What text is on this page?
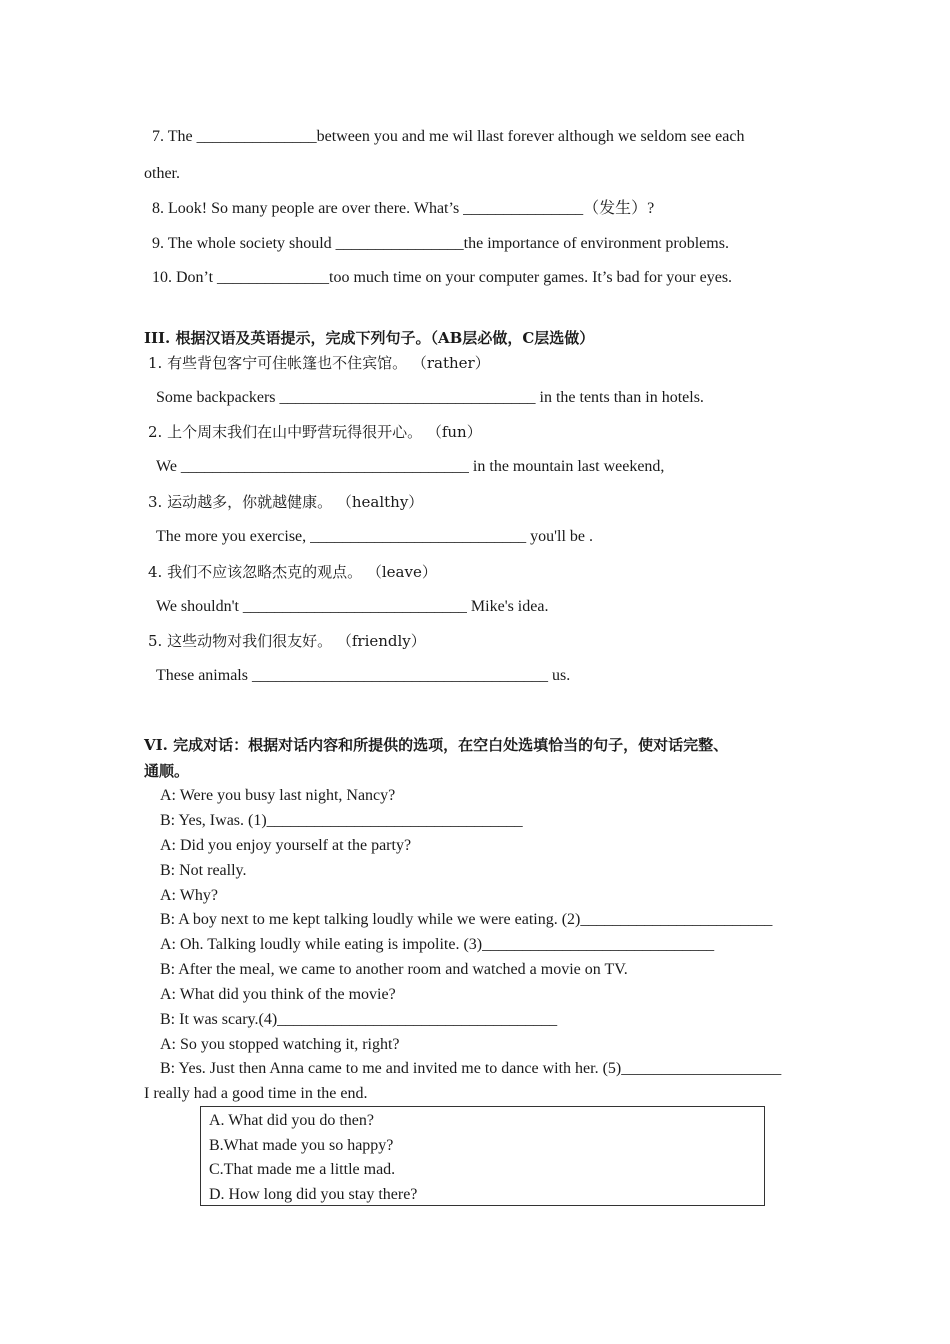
7. The _______________between you and me wil llast forever although we seldom see each
other.
8. Look! So many people are over there. What’s _______________（发生）?
9. The whole society should ________________the importance of environment problems.
10. Don’t ______________too much time on your computer games. It’s bad for your eyes.
III. 根据汉语及英语提示，完成下列句子。（AB层必做，C层选做）
1. 有些背包客宁可住帐篷也不住宾馆。 （rather）
Some backpackers ________________________________ in the tents than in hotels.
2. 上个周末我们在山中野营玩得很开心。 （fun）
We ____________________________________ in the mountain last weekend,
3. 运动越多，你就越健康。 （healthy）
The more you exercise, ___________________________ you'll be .
4. 我们不应该忽略杰克的观点。 （leave）
We shouldn't ____________________________ Mike's idea.
5. 这些动物对我们很友好。 （friendly）
These animals _____________________________________ us.
VI. 完成对话：根据对话内容和所提供的选项，在空白处选填恰当的句子，使对话完整、
通顺。
A: Were you busy last night, Nancy?
B: Yes, Iwas. (1)________________________________
A: Did you enjoy yourself at the party?
B: Not really.
A: Why?
B: A boy next to me kept talking loudly while we were eating. (2)________________________
A: Oh. Talking loudly while eating is impolite. (3)_____________________________
B: After the meal, we came to another room and watched a movie on TV.
A: What did you think of the movie?
B: It was scary.(4)___________________________________
A: So you stopped watching it, right?
B: Yes. Just then Anna came to me and invited me to dance with her. (5)____________________
I really had a good time in the end.
A. What did you do then?
B.What made you so happy?
C.That made me a little mad.
D. How long did you stay there?
